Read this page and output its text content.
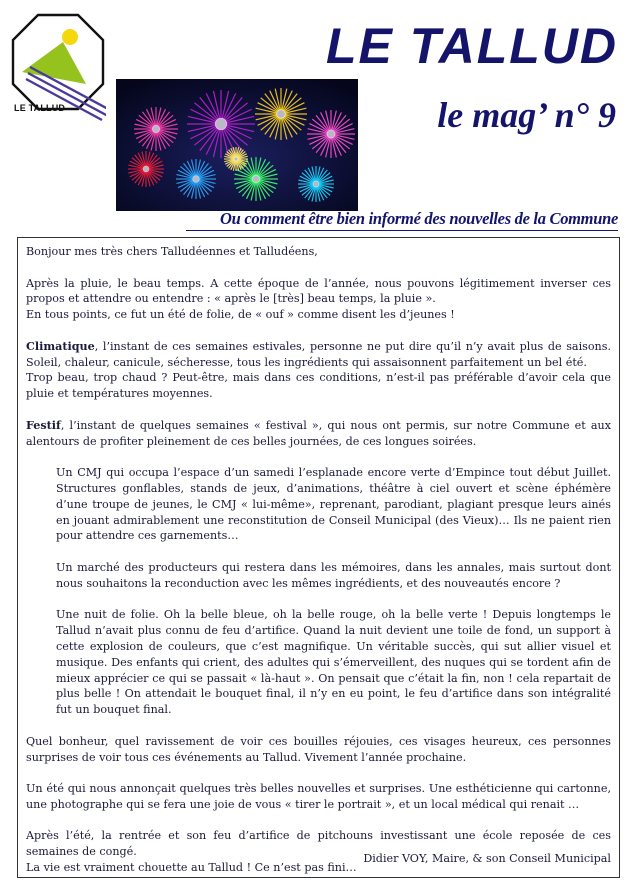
LE TALLUD
LE TALLUD
le mag’ n° 9
Ou comment être bien informé des nouvelles de la Commune

Bonjour mes très chers Talludéennes et Talludéens,

Après la pluie, le beau temps. A cette époque de l’année, nous pouvons légitimement inverser ces propos et attendre ou entendre : « après le [très] beau temps, la pluie ».

En tous points, ce fut un été de folie, de « ouf » comme disent les d’jeunes !

Climatique, l’instant de ces semaines estivales, personne ne put dire qu’il n’y avait plus de saisons. Soleil, chaleur, canicule, sécheresse, tous les ingrédients qui assaisonnent parfaitement un bel été.

Trop beau, trop chaud ? Peut-être, mais dans ces conditions, n’est-il pas préférable d’avoir cela que pluie et températures moyennes.

Festif, l’instant de quelques semaines « festival », qui nous ont permis, sur notre Commune et aux alentours de profiter pleinement de ces belles journées, de ces longues soirées.

Un CMJ qui occupa l’espace d’un samedi l’esplanade encore verte d’Empince tout début Juillet. Structures gonflables, stands de jeux, d’animations, théâtre à ciel ouvert et scène éphémère d’une troupe de jeunes, le CMJ « lui-même», reprenant, parodiant, plagiant presque leurs ainés en jouant admirablement une reconstitution de Conseil Municipal (des Vieux)… Ils ne paient rien pour attendre ces garnements…

Un marché des producteurs qui restera dans les mémoires, dans les annales, mais surtout dont nous souhaitons la reconduction avec les mêmes ingrédients, et des nouveautés encore ?

Une nuit de folie. Oh la belle bleue, oh la belle rouge, oh la belle verte ! Depuis longtemps le Tallud n’avait plus connu de feu d’artifice. Quand la nuit devient une toile de fond, un support à cette explosion de couleurs, que c’est magnifique. Un véritable succès, qui sut allier visuel et musique. Des enfants qui crient, des adultes qui s’émerveillent, des nuques qui se tordent afin de mieux apprécier ce qui se passait « là-haut ». On pensait que c’était la fin, non ! cela repartait de plus belle ! On attendait le bouquet final, il n’y en eu point, le feu d’artifice dans son intégralité fut un bouquet final.

Quel bonheur, quel ravissement de voir ces bouilles réjouies, ces visages heureux, ces personnes surprises de voir tous ces événements au Tallud. Vivement l’année prochaine.

Un été qui nous annonçait quelques très belles nouvelles et surprises. Une esthéticienne qui cartonne, une photographe qui se fera une joie de vous « tirer le portrait », et un local médical qui renait …

Après l’été, la rentrée et son feu d’artifice de pitchouns investissant une école reposée de ces semaines de congé.

La vie est vraiment chouette au Tallud ! Ce n’est pas fini…

Didier VOY, Maire, & son Conseil Municipal
